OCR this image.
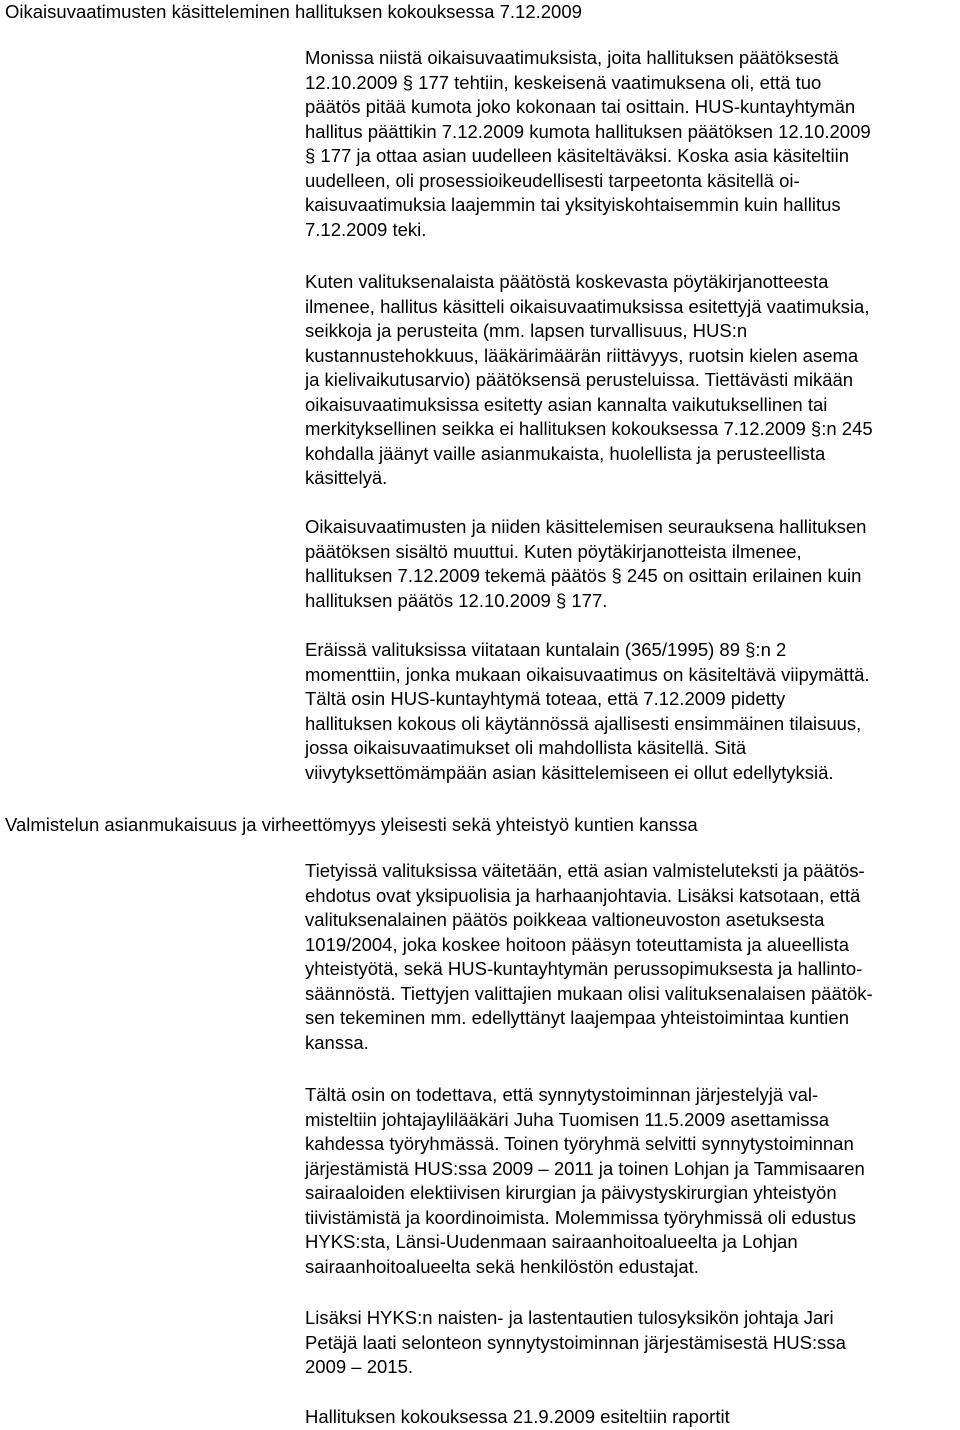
Oikaisuvaatimusten käsitteleminen hallituksen kokouksessa 7.12.2009
Monissa niistä oikaisuvaatimuksista, joita hallituksen päätöksestä
12.10.2009 § 177 tehtiin, keskeisenä vaatimuksena oli, että tuo
päätös pitää kumota joko kokonaan tai osittain. HUS-kuntayhtymän
hallitus päättikin 7.12.2009 kumota hallituksen päätöksen 12.10.2009
§ 177 ja ottaa asian uudelleen käsiteltäväksi. Koska asia käsiteltiin
uudelleen, oli prosessioikeudellisesti tarpeetonta käsitellä oi-
kaisuvaatimuksia laajemmin tai yksityiskohtaisemmin kuin hallitus
7.12.2009 teki.
Kuten valituksenalaista päätöstä koskevasta pöytäkirjanotteesta
ilmenee, hallitus käsitteli oikaisuvaatimuksissa esitettyjä vaatimuksia,
seikkoja ja perusteita (mm. lapsen turvallisuus, HUS:n
kustannustehokkuus, lääkärimäärän riittävyys, ruotsin kielen asema
ja kielivaikutusarvio) päätöksensä perusteluissa. Tiettävästi mikään
oikaisuvaatimuksissa esitetty asian kannalta vaikutuksellinen tai
merkityksellinen seikka ei hallituksen kokouksessa 7.12.2009 §:n 245
kohdalla jäänyt vaille asianmukaista, huolellista ja perusteellista
käsittelyä.
Oikaisuvaatimusten ja niiden käsittelemisen seurauksena hallituksen
päätöksen sisältö muuttui. Kuten pöytäkirjanotteista ilmenee,
hallituksen 7.12.2009 tekemä päätös § 245 on osittain erilainen kuin
hallituksen päätös 12.10.2009 § 177.
Eräissä valituksissa viitataan kuntalain (365/1995) 89 §:n 2
momenttiin, jonka mukaan oikaisuvaatimus on käsiteltävä viipymättä.
Tältä osin HUS-kuntayhtymä toteaa, että 7.12.2009 pidetty
hallituksen kokous oli käytännössä ajallisesti ensimmäinen tilaisuus,
jossa oikaisuvaatimukset oli mahdollista käsitellä. Sitä
viivytyksettömämpään asian käsittelemiseen ei ollut edellytyksiä.
Valmistelun asianmukaisuus ja virheettömyys yleisesti sekä yhteistyö kuntien kanssa
Tietyissä valituksissa väitetään, että asian valmisteluteksti ja päätös-
ehdotus ovat yksipuolisia ja harhaanjohtavia. Lisäksi katsotaan, että
valituksenalainen päätös poikkeaa valtioneuvoston asetuksesta
1019/2004, joka koskee hoitoon pääsyn toteuttamista ja alueellista
yhteistyötä, sekä HUS-kuntayhtymän perussopimuksesta ja hallinto-
säännöstä. Tiettyjen valittajien mukaan olisi valituksenalaisen päätök-
sen tekeminen mm. edellyttänyt laajempaa yhteistoimintaa kuntien
kanssa.
Tältä osin on todettava, että synnytystoiminnan järjestelyjä val-
misteltiin johtajaylilääkäri Juha Tuomisen 11.5.2009 asettamissa
kahdessa työryhmässä. Toinen työryhmä selvitti synnytystoiminnan
järjestämistä HUS:ssa 2009 – 2011 ja toinen Lohjan ja Tammisaaren
sairaaloiden elektiivisen kirurgian ja päivystyskirurgian yhteistyön
tiivistämistä ja koordinoimista. Molemmissa työryhmissä oli edustus
HYKS:sta, Länsi-Uudenmaan sairaanhoitoalueelta ja Lohjan
sairaanhoitoalueelta sekä henkilöstön edustajat.
Lisäksi HYKS:n naisten- ja lastentautien tulosyksikön johtaja Jari
Petäjä laati selonteon synnytystoiminnan järjestämisestä HUS:ssa
2009 – 2015.
Hallituksen kokouksessa 21.9.2009 esiteltiin raportit
